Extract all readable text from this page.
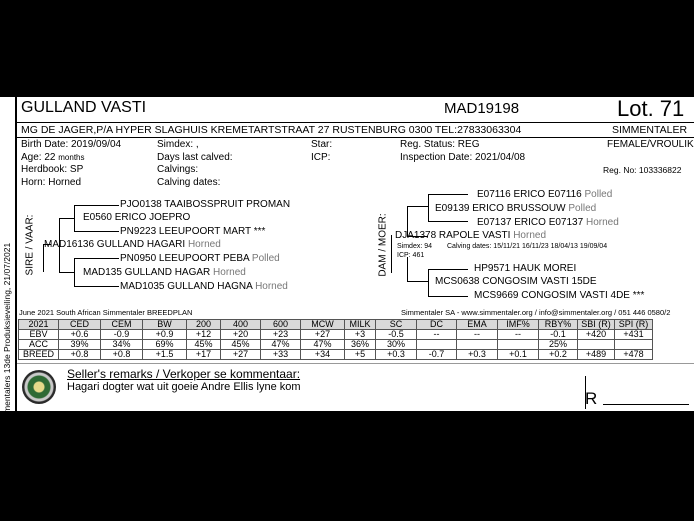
Gulland Simmentalers 13de Produksieveiling, 21/07/2021
GULLAND VASTI	MAD19198	Lot. 71
MG DE JAGER,P/A HYPER SLAGHUIS KREMETARTSTRAAT 27 RUSTENBURG 0300 TEL:27833063304	SIMMENTALER
Birth Date: 2019/09/04
Age: 22 months
Herdbook: SP
Horn: Horned
Simdex: ,
Days last calved:
Calvings:
Calving dates:
Star:
ICP:
Reg. Status: REG
Inspection Date: 2021/04/08
FEMALE/VROULIK
Reg. No: 103336822
SIRE / VAAR:
PJO0138 TAAIBOSSPRUIT PROMAN
E0560 ERICO JOEPRO
PN9223 LEEUPOORT MART ***
MAD16136 GULLAND HAGARI Horned
PN0950 LEEUPOORT PEBA Polled
MAD135 GULLAND HAGAR Horned
MAD1035 GULLAND HAGNA Horned
DAM / MOER:
E07116 ERICO E07116 Polled
E09139 ERICO BRUSSOUW Polled
E07137 ERICO E07137 Horned
DJA1378 RAPOLE VASTI Horned
Simdex: 94 Calving dates: 15/11/21 16/11/23 18/04/13 19/09/04
ICP: 461
HP9571 HAUK MOREI
MCS0638 CONGOSIM VASTI 15DE
MCS9669 CONGOSIM VASTI 4DE ***
June 2021 South African Simmentaler BREEDPLAN	Simmentaler SA - www.simmentaler.org / info@simmentaler.org / 051 446 0580/2
2021	CED	CEM	BW	200	400	600	MCW	MILK	SC	DC	EMA	IMF%	RBY%	SBI (R)	SPI (R)
EBV	+0.6	-0.9	+0.9	+12	+20	+23	+27	+3	-0.5	--	--	--	-0.1	+420	+431
ACC	39%	34%	69%	45%	45%	47%	47%	36%	30%				25%		
BREED	+0.8	+0.8	+1.5	+17	+27	+33	+34	+5	+0.3	-0.7	+0.3	+0.1	+0.2	+489	+478
Seller's remarks / Verkoper se kommentaar:
Hagari dogter wat uit goeie Andre Ellis lyne kom
R
